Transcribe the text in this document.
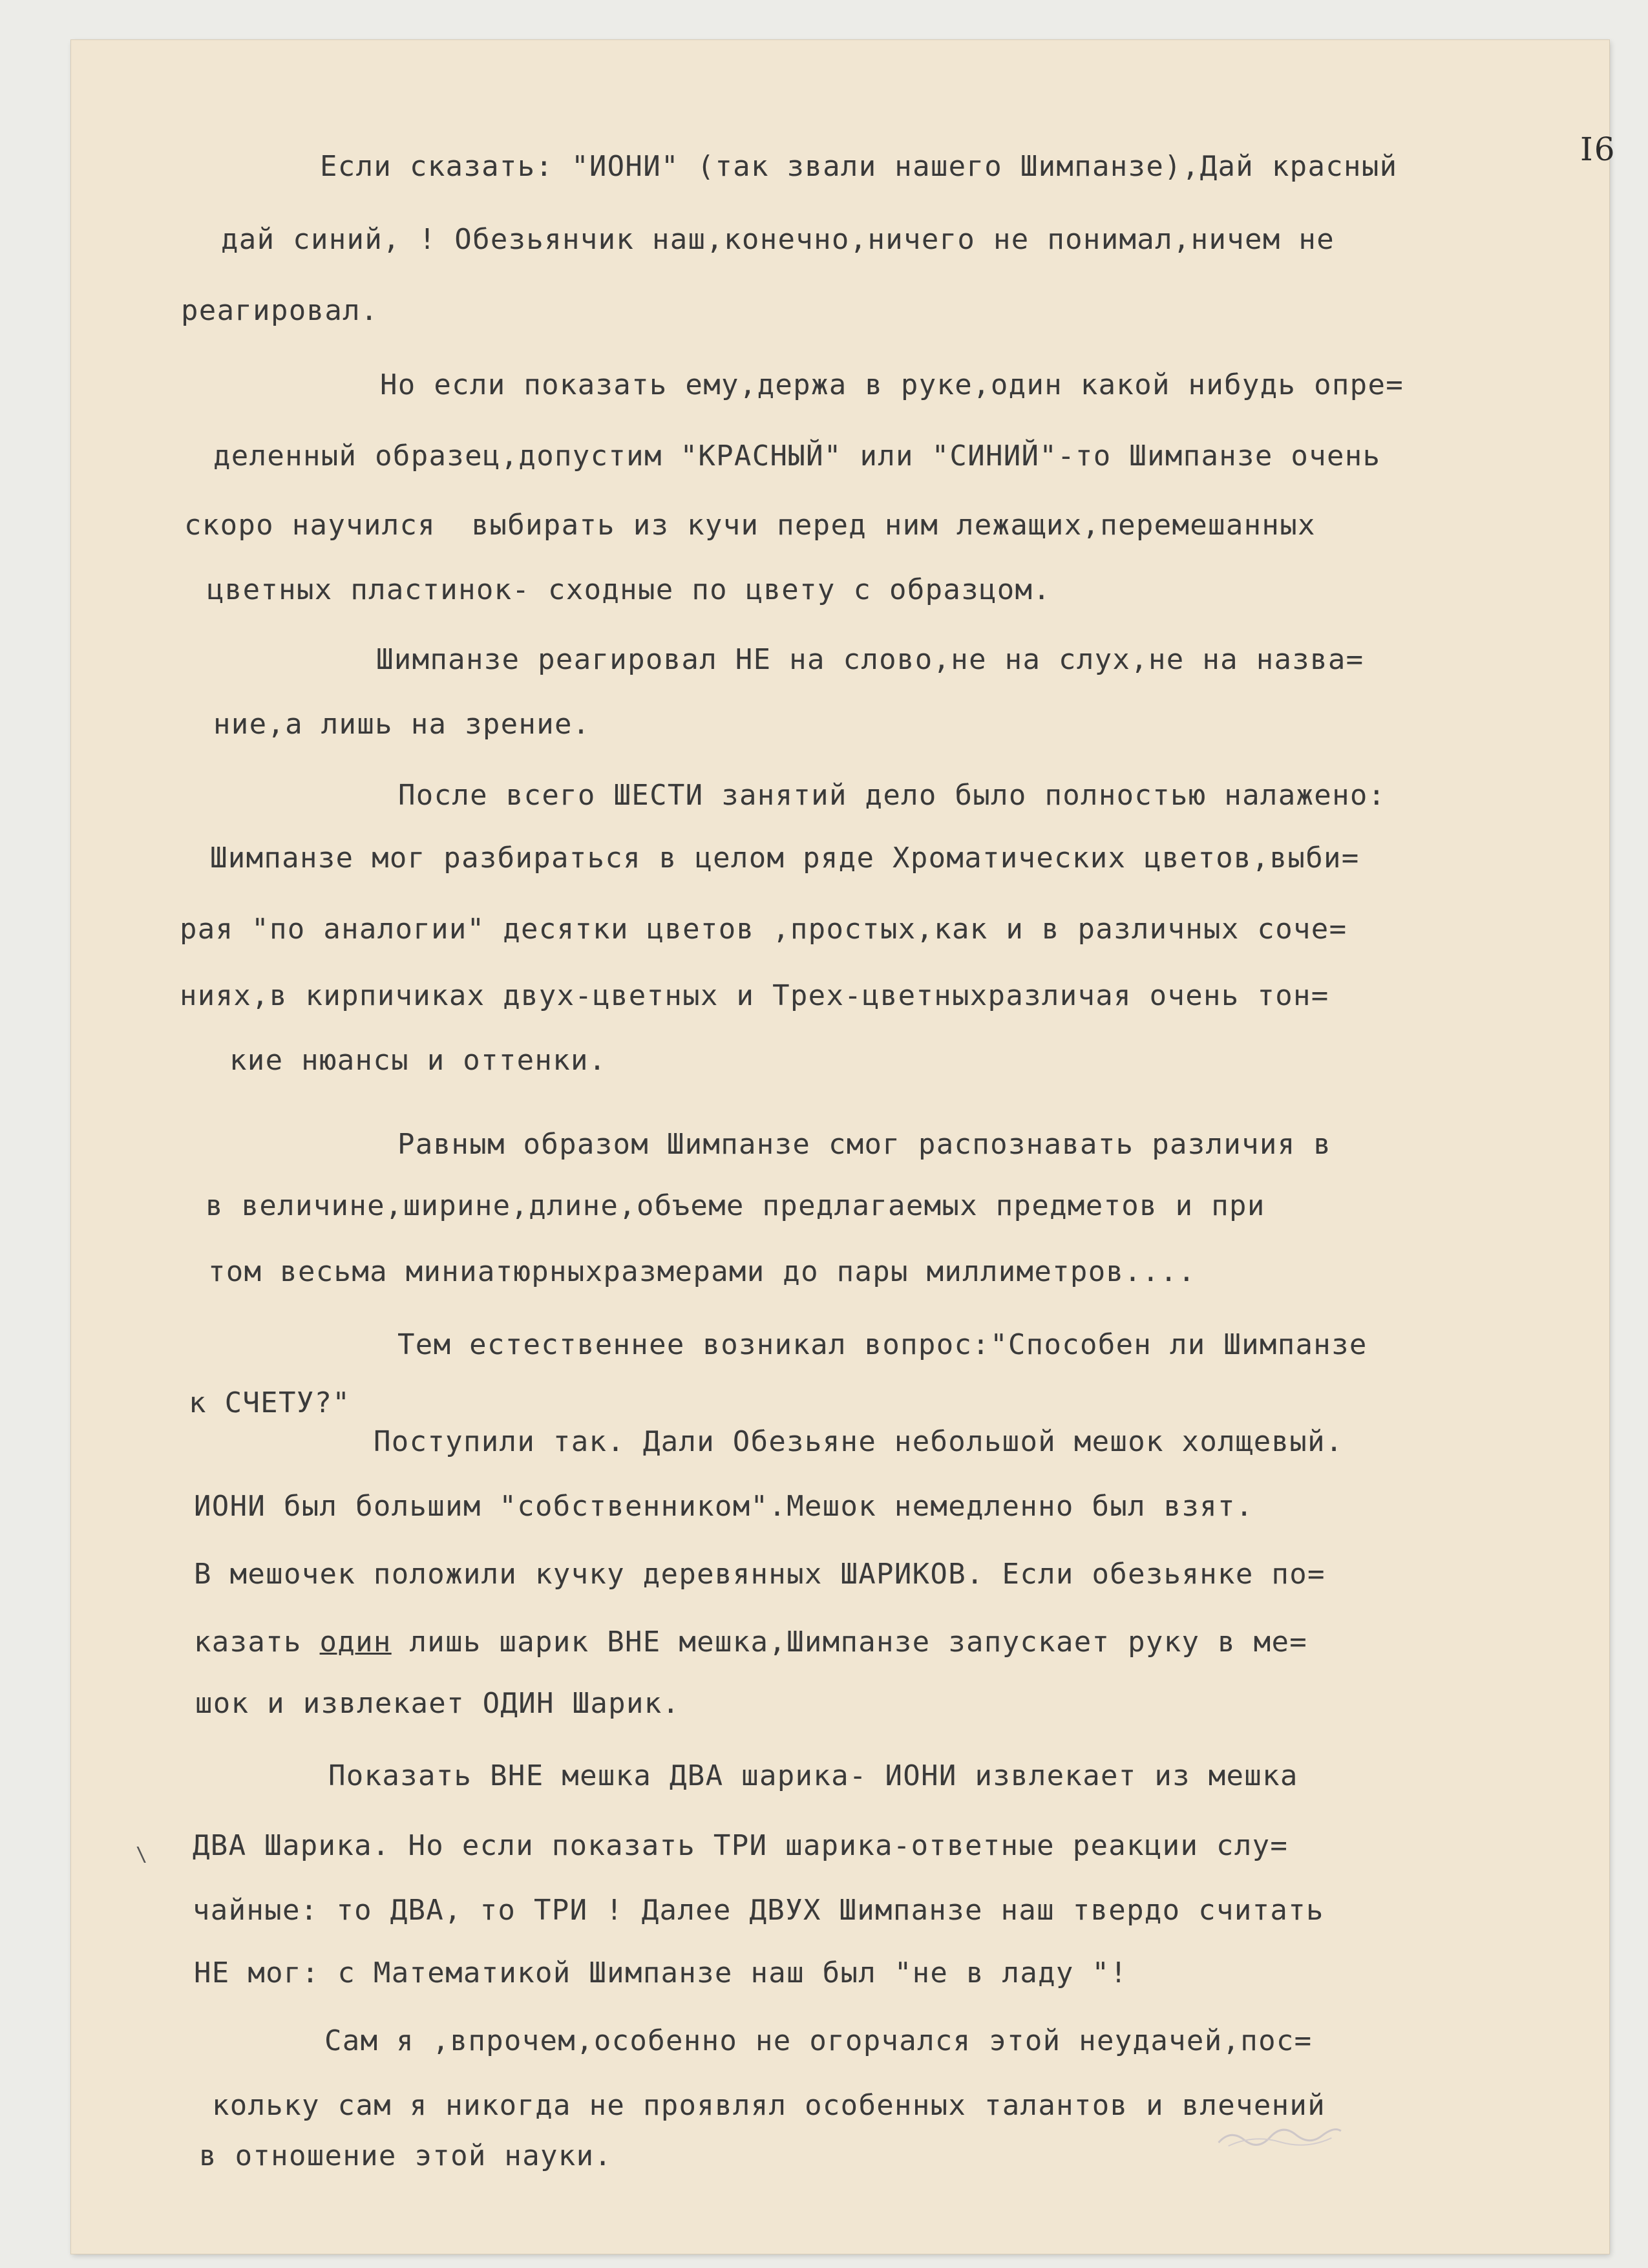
I6
Если сказать: "ИОНИ" (так звали нашего Шимпанзе),Дай красный
дай синий, ! Обезьянчик наш,конечно,ничего не понимал,ничем не
реагировал.
Но если показать ему,держа в руке,один какой нибудь опре=
деленный образец,допустим "КРАСНЫЙ" или "СИНИЙ"-то Шимпанзе очень
скоро научился  выбирать из кучи перед ним лежащих,перемешанных
цветных пластинок- сходные по цвету с образцом.
Шимпанзе реагировал НЕ на слово,не на слух,не на назва=
ние,а лишь на зрение.
После всего ШЕСТИ занятий дело было полностью налажено:
Шимпанзе мог разбираться в целом ряде Хроматических цветов,выби=
рая "по аналогии" десятки цветов ,простых,как и в различных соче=
ниях,в кирпичиках двух-цветных и Трех-цветныхразличая очень тон=
кие нюансы и оттенки.
Равным образом Шимпанзе смог распознавать различия в
в величине,ширине,длине,объеме предлагаемых предметов и при
том весьма миниатюрныхразмерами до пары миллиметров....
Тем естественнее возникал вопрос:"Способен ли Шимпанзе
к СЧЕТУ?"
Поступили так. Дали Обезьяне небольшой мешок холщевый.
ИОНИ был большим "собственником".Мешок немедленно был взят.
В мешочек положили кучку деревянных ШАРИКОВ. Если обезьянке по=
казать один лишь шарик ВНЕ мешка,Шимпанзе запускает руку в ме=
шок и извлекает ОДИН Шарик.
Показать ВНЕ мешка ДВА шарика- ИОНИ извлекает из мешка
ДВА Шарика. Но если показать ТРИ шарика-ответные реакции слу=
чайные: то ДВА, то ТРИ ! Далее ДВУХ Шимпанзе наш твердо считать
НЕ мог: с Математикой Шимпанзе наш был "не в ладу "!
Сам я ,впрочем,особенно не огорчался этой неудачей,пос=
кольку сам я никогда не проявлял особенных талантов и влечений
в отношение этой науки.
\
